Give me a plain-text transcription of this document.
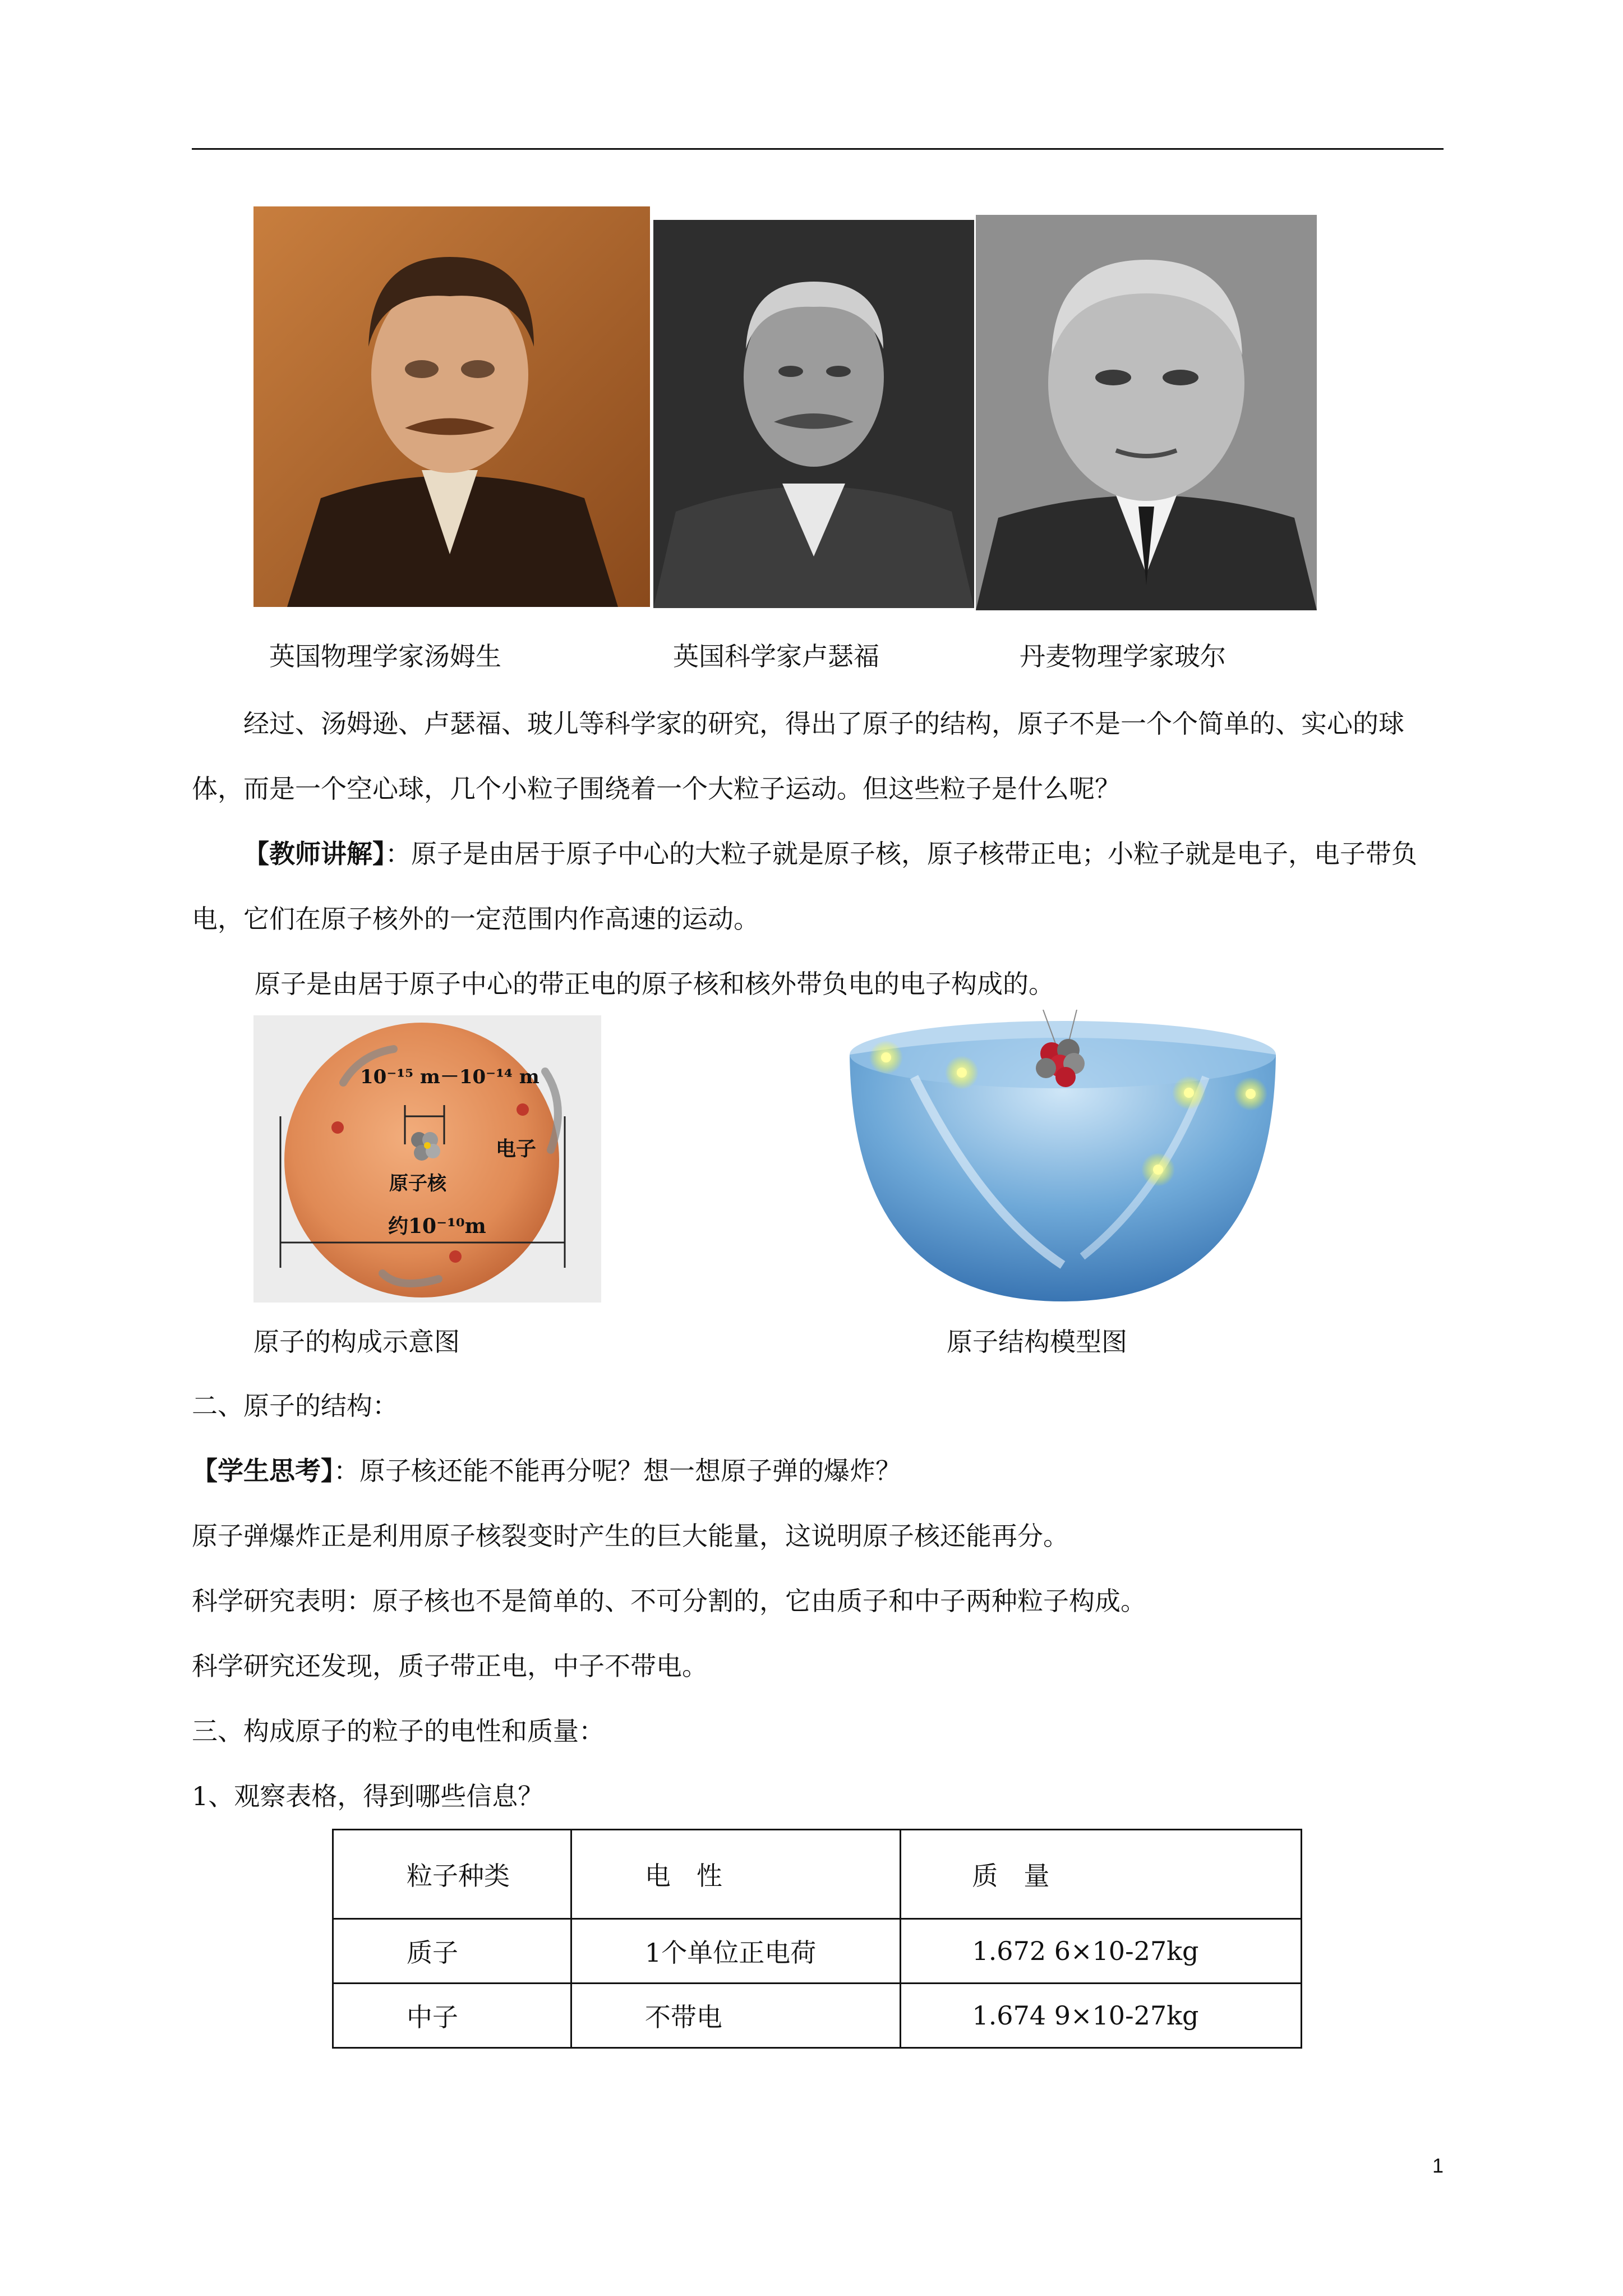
英国物理学家汤姆生	英国科学家卢瑟福	丹麦物理学家玻尔

经过、汤姆逊、卢瑟福、玻儿等科学家的研究，得出了原子的结构，原子不是一个个简单的、实心的球体，而是一个空心球，几个小粒子围绕着一个大粒子运动。但这些粒子是什么呢？

【教师讲解】：原子是由居于原子中心的大粒子就是原子核，原子核带正电；小粒子就是电子，电子带负电，它们在原子核外的一定范围内作高速的运动。

原子是由居于原子中心的带正电的原子核和核外带负电的电子构成的。

10⁻¹⁵ m－10⁻¹⁴ m
电子
原子核
约10⁻¹⁰m
原子的构成示意图	原子结构模型图

二、原子的结构：

【学生思考】：原子核还能不能再分呢？想一想原子弹的爆炸？

原子弹爆炸正是利用原子核裂变时产生的巨大能量，这说明原子核还能再分。

科学研究表明：原子核也不是简单的、不可分割的，它由质子和中子两种粒子构成。

科学研究还发现，质子带正电，中子不带电。

三、构成原子的粒子的电性和质量：

1、观察表格，得到哪些信息？

粒子种类	电　性	质　量
质子	1个单位正电荷	1.672 6×10-27kg
中子	不带电	1.674 9×10-27kg
1
